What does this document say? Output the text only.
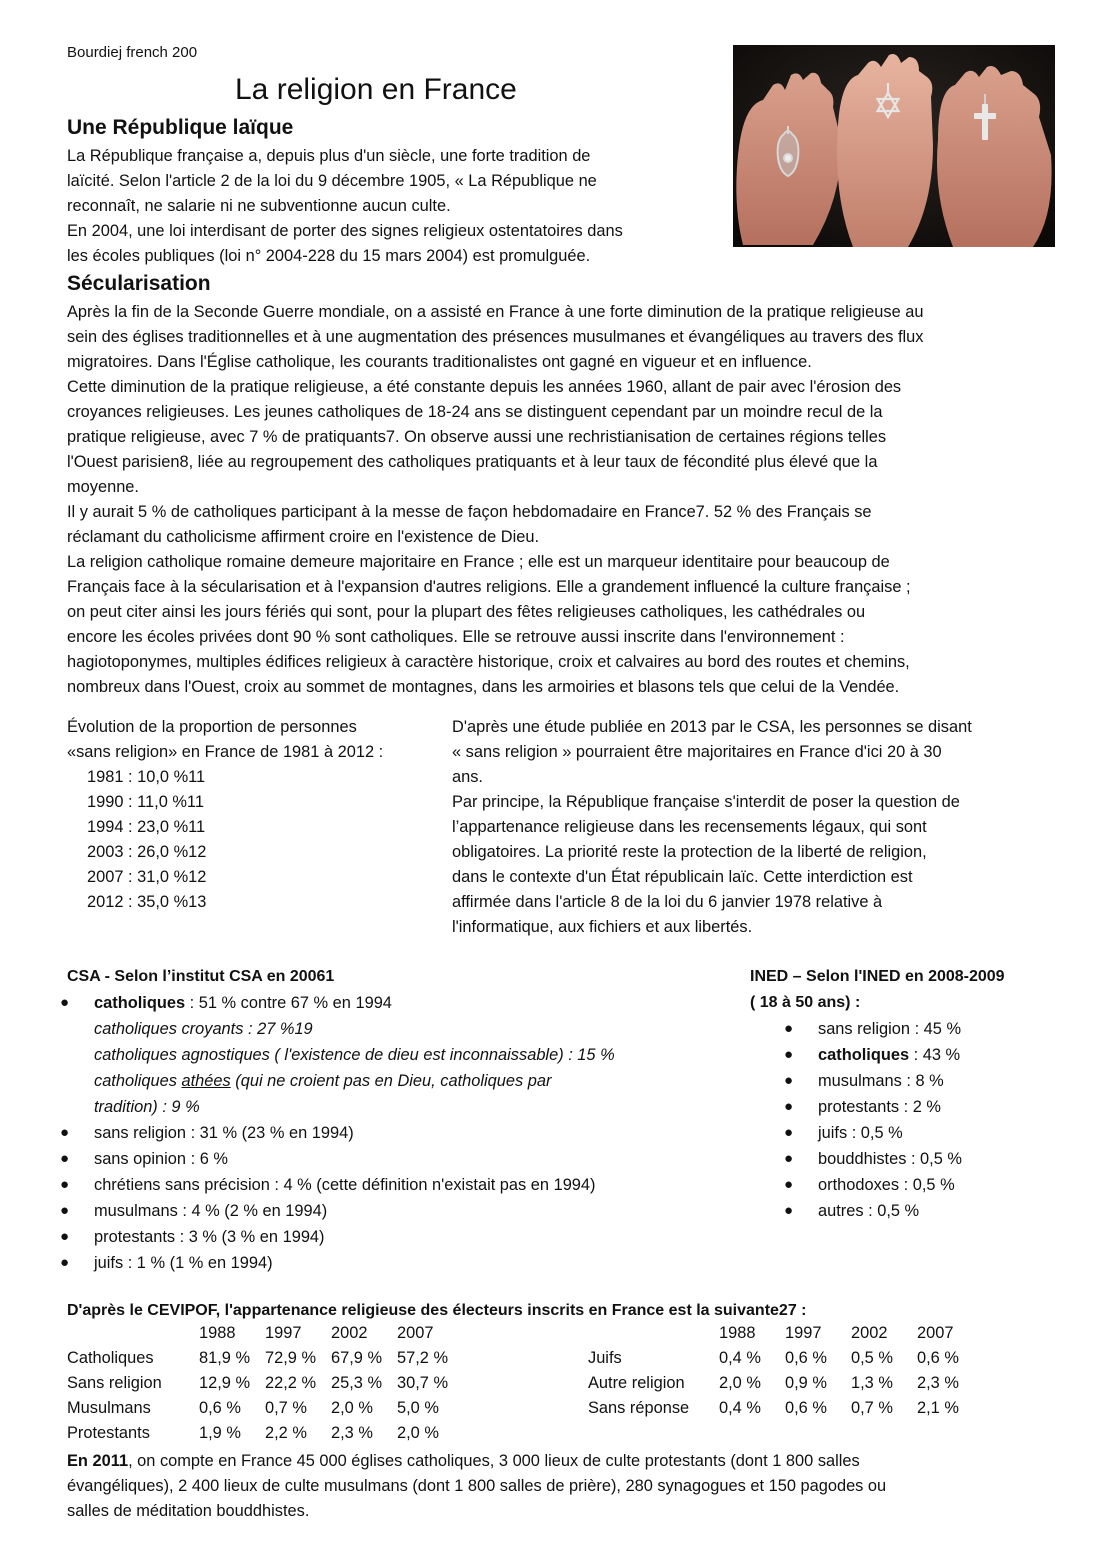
Bourdiej french 200
La religion en France
Une République laïque
La République française a, depuis plus d'un siècle, une forte tradition de
laïcité. Selon l'article 2 de la loi du 9 décembre 1905, « La République ne
reconnaît, ne salarie ni ne subventionne aucun culte.
En 2004, une loi interdisant de porter des signes religieux ostentatoires dans
les écoles publiques (loi n° 2004-228 du 15 mars 2004) est promulguée.
Sécularisation
Après la fin de la Seconde Guerre mondiale, on a assisté en France à une forte diminution de la pratique religieuse au
sein des églises traditionnelles et à une augmentation des présences musulmanes et évangéliques au travers des flux
migratoires. Dans l'Église catholique, les courants traditionalistes ont gagné en vigueur et en influence.
Cette diminution de la pratique religieuse, a été constante depuis les années 1960, allant de pair avec l'érosion des
croyances religieuses. Les jeunes catholiques de 18-24 ans se distinguent cependant par un moindre recul de la
pratique religieuse, avec 7 % de pratiquants7. On observe aussi une rechristianisation de certaines régions telles
l'Ouest parisien8, liée au regroupement des catholiques pratiquants et à leur taux de fécondité plus élevé que la
moyenne.
Il y aurait 5 % de catholiques participant à la messe de façon hebdomadaire en France7. 52 % des Français se
réclamant du catholicisme affirment croire en l'existence de Dieu.
La religion catholique romaine demeure majoritaire en France ; elle est un marqueur identitaire pour beaucoup de
Français face à la sécularisation et à l'expansion d'autres religions. Elle a grandement influencé la culture française ;
on peut citer ainsi les jours fériés qui sont, pour la plupart des fêtes religieuses catholiques, les cathédrales ou
encore les écoles privées dont 90 % sont catholiques. Elle se retrouve aussi inscrite dans l'environnement :
hagiotoponymes, multiples édifices religieux à caractère historique, croix et calvaires au bord des routes et chemins,
nombreux dans l'Ouest, croix au sommet de montagnes, dans les armoiries et blasons tels que celui de la Vendée.
Évolution de la proportion de personnes
«sans religion» en France de 1981 à 2012 :
1981 : 10,0 %11
1990 : 11,0 %11
1994 : 23,0 %11
2003 : 26,0 %12
2007 : 31,0 %12
2012 : 35,0 %13
D'après une étude publiée en 2013 par le CSA, les personnes se disant
« sans religion » pourraient être majoritaires en France d'ici 20 à 30
ans.
Par principe, la République française s'interdit de poser la question de
l’appartenance religieuse dans les recensements légaux, qui sont
obligatoires. La priorité reste la protection de la liberté de religion,
dans le contexte d'un État républicain laïc. Cette interdiction est
affirmée dans l'article 8 de la loi du 6 janvier 1978 relative à
l'informatique, aux fichiers et aux libertés.
CSA - Selon l’institut CSA en 20061
● catholiques : 51 % contre 67 % en 1994
catholiques croyants : 27 %19
catholiques agnostiques ( l'existence de dieu est inconnaissable) : 15 %
catholiques athées (qui ne croient pas en Dieu, catholiques par
tradition) : 9 %
● sans religion : 31 % (23 % en 1994)
● sans opinion : 6 %
● chrétiens sans précision : 4 % (cette définition n'existait pas en 1994)
● musulmans : 4 % (2 % en 1994)
● protestants : 3 % (3 % en 1994)
● juifs : 1 % (1 % en 1994)
INED – Selon l'INED en 2008-2009
( 18 à 50 ans) :
● sans religion : 45 %
● catholiques : 43 %
● musulmans : 8 %
● protestants : 2 %
● juifs : 0,5 %
● bouddhistes : 0,5 %
● orthodoxes : 0,5 %
● autres : 0,5 %
D'après le CEVIPOF, l'appartenance religieuse des électeurs inscrits en France est la suivante27 :
	1988	1997	2002	2007
Catholiques	81,9 %	72,9 %	67,9 %	57,2 %
Sans religion	12,9 %	22,2 %	25,3 %	30,7 %
Musulmans	0,6 %	0,7 %	2,0 %	5,0 %
Protestants	1,9 %	2,2 %	2,3 %	2,0 %
	1988	1997	2002	2007
Juifs	0,4 %	0,6 %	0,5 %	0,6 %
Autre religion	2,0 %	0,9 %	1,3 %	2,3 %
Sans réponse	0,4 %	0,6 %	0,7 %	2,1 %
En 2011, on compte en France 45 000 églises catholiques, 3 000 lieux de culte protestants (dont 1 800 salles
évangéliques), 2 400 lieux de culte musulmans (dont 1 800 salles de prière), 280 synagogues et 150 pagodes ou
salles de méditation bouddhistes.
